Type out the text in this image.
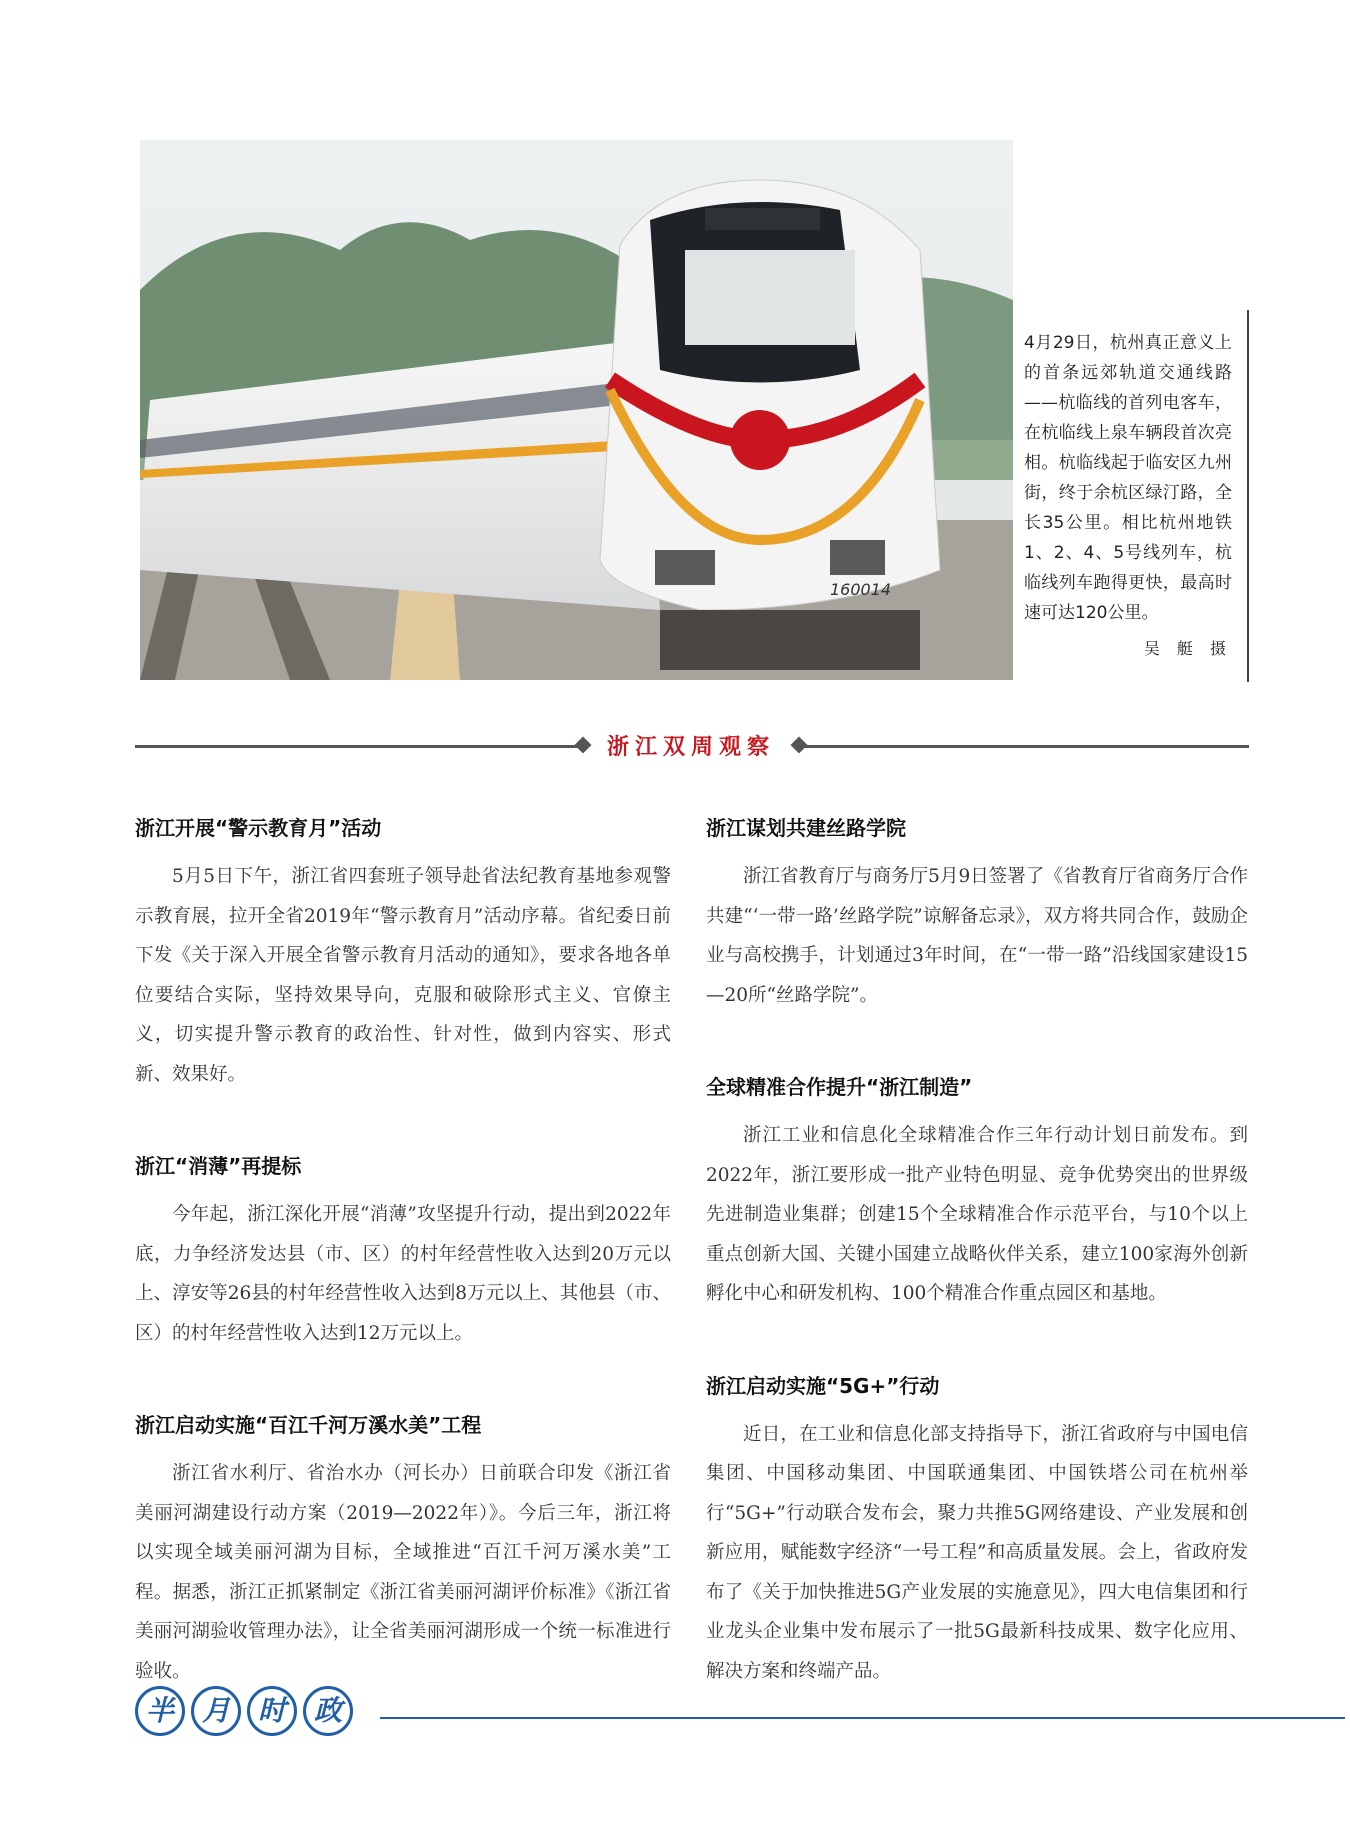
160014
4月29日，杭州真正意义上的首条远郊轨道交通线路——杭临线的首列电客车，在杭临线上泉车辆段首次亮相。杭临线起于临安区九州街，终于余杭区绿汀路，全长35公里。相比杭州地铁1、2、4、5号线列车，杭临线列车跑得更快，最高时速可达120公里。
吴 艇 摄
浙江双周观察
浙江开展“警示教育月”活动

5月5日下午，浙江省四套班子领导赴省法纪教育基地参观警示教育展，拉开全省2019年“警示教育月”活动序幕。省纪委日前下发《关于深入开展全省警示教育月活动的通知》，要求各地各单位要结合实际，坚持效果导向，克服和破除形式主义、官僚主义，切实提升警示教育的政治性、针对性，做到内容实、形式新、效果好。

浙江“消薄”再提标

今年起，浙江深化开展“消薄”攻坚提升行动，提出到2022年底，力争经济发达县（市、区）的村年经营性收入达到20万元以上、淳安等26县的村年经营性收入达到8万元以上、其他县（市、区）的村年经营性收入达到12万元以上。

浙江启动实施“百江千河万溪水美”工程

浙江省水利厅、省治水办（河长办）日前联合印发《浙江省美丽河湖建设行动方案（2019—2022年）》。今后三年，浙江将以实现全域美丽河湖为目标，全域推进“百江千河万溪水美”工程。据悉，浙江正抓紧制定《浙江省美丽河湖评价标准》《浙江省美丽河湖验收管理办法》，让全省美丽河湖形成一个统一标准进行验收。

浙江谋划共建丝路学院

浙江省教育厅与商务厅5月9日签署了《省教育厅省商务厅合作共建“‘一带一路’丝路学院”谅解备忘录》，双方将共同合作，鼓励企业与高校携手，计划通过3年时间，在“一带一路”沿线国家建设15—20所“丝路学院”。

全球精准合作提升“浙江制造”

浙江工业和信息化全球精准合作三年行动计划日前发布。到2022年，浙江要形成一批产业特色明显、竞争优势突出的世界级先进制造业集群；创建15个全球精准合作示范平台，与10个以上重点创新大国、关键小国建立战略伙伴关系，建立100家海外创新孵化中心和研发机构、100个精准合作重点园区和基地。

浙江启动实施“5G+”行动

近日，在工业和信息化部支持指导下，浙江省政府与中国电信集团、中国移动集团、中国联通集团、中国铁塔公司在杭州举行“5G+”行动联合发布会，聚力共推5G网络建设、产业发展和创新应用，赋能数字经济“一号工程”和高质量发展。会上，省政府发布了《关于加快推进5G产业发展的实施意见》，四大电信集团和行业龙头企业集中发布展示了一批5G最新科技成果、数字化应用、解决方案和终端产品。

半 月 时 政
